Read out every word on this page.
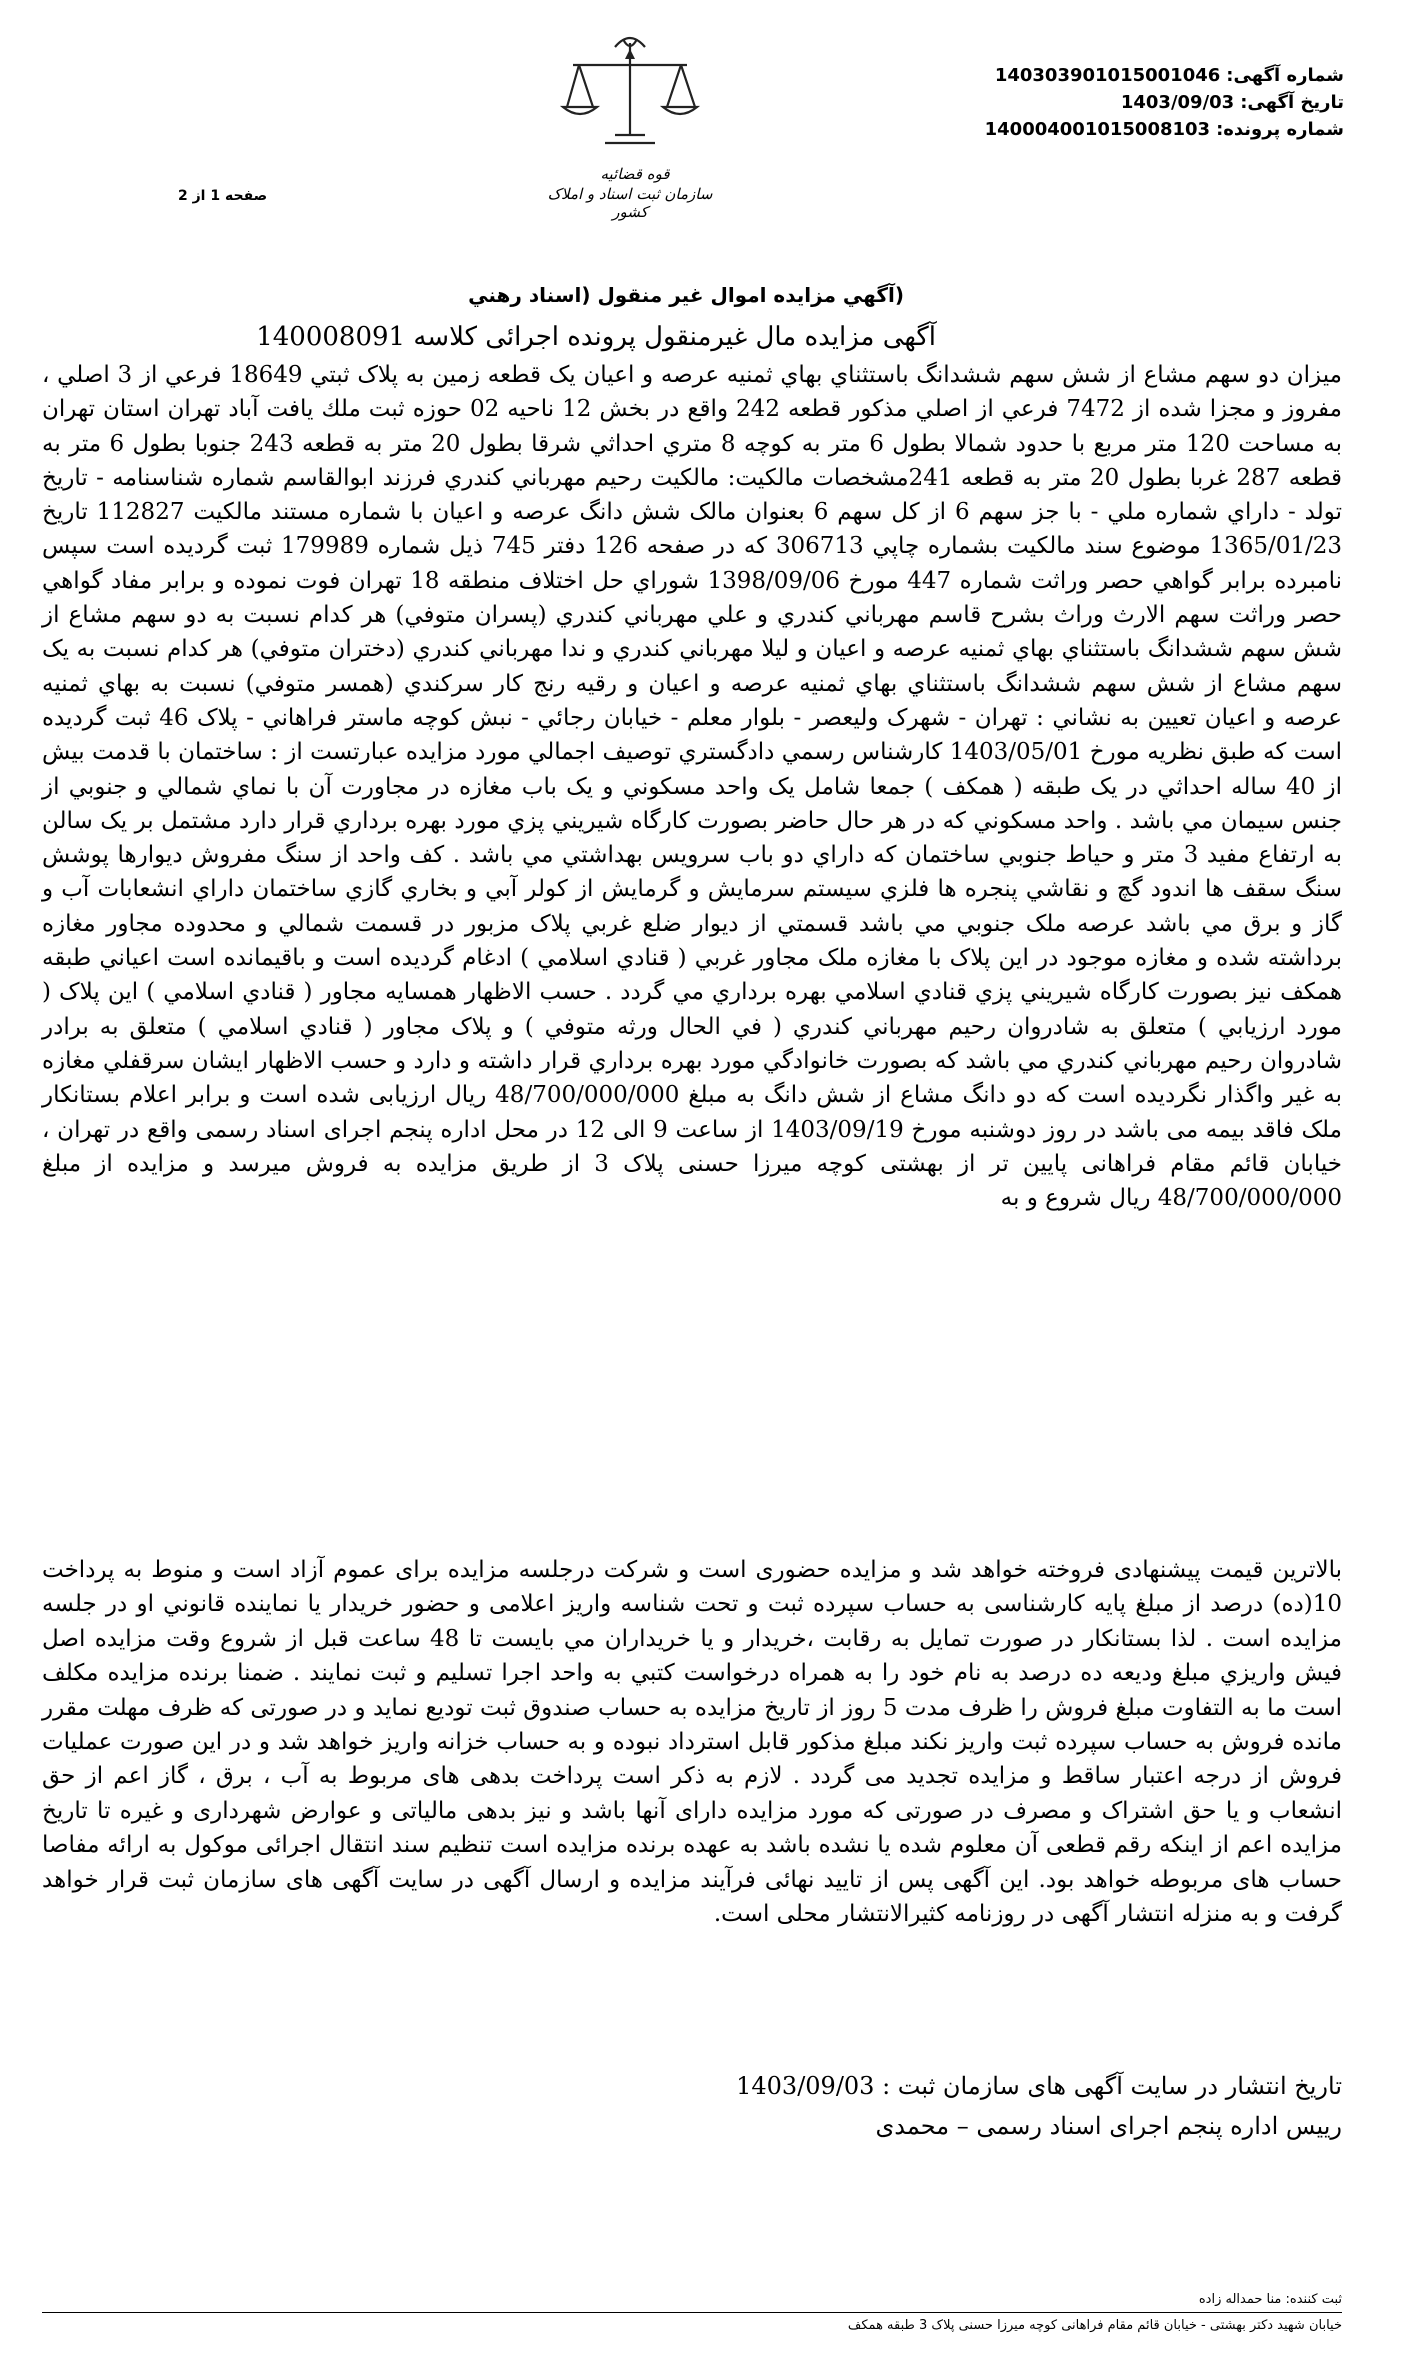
شماره آگهی:140303901015001046
تاریخ آگهی:1403/09/03
شماره پرونده:140004001015008103
قوه قضائیه
سازمان ثبت اسناد و املاک کشور
صفحه 1 از 2
(آگهي مزايده اموال غير منقول (اسناد رهني
آگهی مزایده مال غیرمنقول پرونده اجرائی کلاسه 140008091
ميزان دو سهم مشاع از شش سهم ششدانگ باستثناي بهاي ثمنيه عرصه و اعيان يک قطعه زمين به پلاک ثبتي 18649 فرعي از 3 اصلي ، مفروز و مجزا شده از 7472 فرعي از اصلي مذکور قطعه 242 واقع در بخش 12 ناحيه 02 حوزه ثبت ملك يافت آباد تهران استان تهران به مساحت 120 متر مربع با حدود شمالا بطول 6 متر به کوچه 8 متري احداثي شرقا بطول 20 متر به قطعه 243 جنوبا بطول 6 متر به قطعه 287 غربا بطول 20 متر به قطعه 241مشخصات مالکيت: مالکيت رحيم مهرباني کندري فرزند ابوالقاسم شماره شناسنامه - تاريخ تولد - داراي شماره ملي - با جز سهم 6 از کل سهم 6 بعنوان مالک شش دانگ عرصه و اعيان با شماره مستند مالکيت 112827 تاريخ 1365/01/23 موضوع سند مالکيت بشماره چاپي 306713 که در صفحه 126 دفتر 745 ذيل شماره 179989 ثبت گرديده است سپس نامبرده برابر گواهي حصر وراثت شماره 447 مورخ 1398/09/06 شوراي حل اختلاف منطقه 18 تهران فوت نموده و برابر مفاد گواهي حصر وراثت سهم الارث وراث بشرح قاسم مهرباني کندري و علي مهرباني کندري (پسران متوفي) هر کدام نسبت به دو سهم مشاع از شش سهم ششدانگ باستثناي بهاي ثمنيه عرصه و اعيان و ليلا مهرباني کندري و ندا مهرباني کندري (دختران متوفي) هر کدام نسبت به يک سهم مشاع از شش سهم ششدانگ باستثناي بهاي ثمنيه عرصه و اعيان و رقيه رنج کار سرکندي (همسر متوفي) نسبت به بهاي ثمنيه عرصه و اعيان تعيين به نشاني : تهران - شهرک وليعصر - بلوار معلم - خيابان رجائي - نبش کوچه ماستر فراهاني - پلاک 46 ثبت گرديده است که طبق نظريه مورخ 1403/05/01 کارشناس رسمي دادگستري توصيف اجمالي مورد مزايده عبارتست از : ساختمان با قدمت بيش از 40 ساله احداثي در يک طبقه ( همکف ) جمعا شامل يک واحد مسکوني و يک باب مغازه در مجاورت آن با نماي شمالي و جنوبي از جنس سيمان مي باشد . واحد مسکوني که در هر حال حاضر بصورت کارگاه شيريني پزي مورد بهره برداري قرار دارد مشتمل بر يک سالن به ارتفاع مفيد 3 متر و حياط جنوبي ساختمان که داراي دو باب سرويس بهداشتي مي باشد . کف واحد از سنگ مفروش ديوارها پوشش سنگ سقف ها اندود گچ و نقاشي پنجره ها فلزي سيستم سرمايش و گرمايش از کولر آبي و بخاري گازي ساختمان داراي انشعابات آب و گاز و برق مي باشد عرصه ملک جنوبي مي باشد قسمتي از ديوار ضلع غربي پلاک مزبور در قسمت شمالي و محدوده مجاور مغازه برداشته شده و مغازه موجود در اين پلاک با مغازه ملک مجاور غربي ( قنادي اسلامي ) ادغام گرديده است و باقيمانده است اعياني طبقه همکف نيز بصورت کارگاه شيريني پزي قنادي اسلامي بهره برداري مي گردد . حسب الاظهار همسايه مجاور ( قنادي اسلامي ) اين پلاک ( مورد ارزيابي ) متعلق به شادروان رحيم مهرباني کندري ( في الحال ورثه متوفي ) و پلاک مجاور ( قنادي اسلامي ) متعلق به برادر شادروان رحيم مهرباني کندري مي باشد که بصورت خانوادگي مورد بهره برداري قرار داشته و دارد و حسب الاظهار ايشان سرقفلي مغازه به غير واگذار نگرديده است كه دو دانگ مشاع از شش دانگ به مبلغ 48/700/000/000 ريال ارزيابی شده است و برابر اعلام بستانکار ملک فاقد بیمه می باشد در روز دوشنبه مورخ 1403/09/19 از ساعت 9 الی 12 در محل اداره پنجم اجرای اسناد رسمی واقع در تهران ، خیابان قائم مقام فراهانی پایین تر از بهشتی کوچه میرزا حسنی پلاک 3 از طریق مزایده به فروش میرسد و مزایده از مبلغ 48/700/000/000 ريال شروع و به
بالاترین قیمت پیشنهادی فروخته خواهد شد و مزایده حضوری است و شرکت درجلسه مزایده برای عموم آزاد است و منوط به پرداخت 10(ده) درصد از مبلغ پایه کارشناسی به حساب سپرده ثبت و تحت شناسه واریز اعلامی و حضور خريدار يا نماينده قانوني او در جلسه مزايده است . لذا بستانکار در صورت تمايل به رقابت ،خريدار و يا خريداران مي بايست تا 48 ساعت قبل از شروع وقت مزايده اصل فيش واريزي مبلغ وديعه ده درصد به نام خود را به همراه درخواست کتبي به واحد اجرا تسليم و ثبت نمايند . ضمنا برنده مزایده مکلف است ما به التفاوت مبلغ فروش را ظرف مدت 5 روز از تاریخ مزایده به حساب صندوق ثبت تودیع نماید و در صورتی که ظرف مهلت مقرر مانده فروش به حساب سپرده ثبت واریز نکند مبلغ مذکور قابل استرداد نبوده و به حساب خزانه واریز خواهد شد و در این صورت عملیات فروش از درجه اعتبار ساقط و مزایده تجدید می گردد . لازم به ذکر است پرداخت بدهی های مربوط به آب ، برق ، گاز اعم از حق انشعاب و یا حق اشتراک و مصرف در صورتی که مورد مزایده دارای آنها باشد و نیز بدهی مالیاتی و عوارض شهرداری و غیره تا تاریخ مزایده اعم از اینکه رقم قطعی آن معلوم شده یا نشده باشد به عهده برنده مزایده است تنظیم سند انتقال اجرائی موکول به ارائه مفاصا حساب های مربوطه خواهد بود. این آگهی پس از تایید نهائی فرآیند مزایده و ارسال آگهی در سایت آگهی های سازمان ثبت قرار خواهد گرفت و به منزله انتشار آگهی در روزنامه کثیرالانتشار محلی است.
تاریخ انتشار در سایت آگهی های سازمان ثبت : 1403/09/03
رییس اداره پنجم اجرای اسناد رسمی – محمدی
ثبت کننده: منا حمداله زاده
خیابان شهید دکتر بهشتی - خیابان قائم مقام فراهانی کوچه میرزا حسنی پلاک 3 طبقه همکف
